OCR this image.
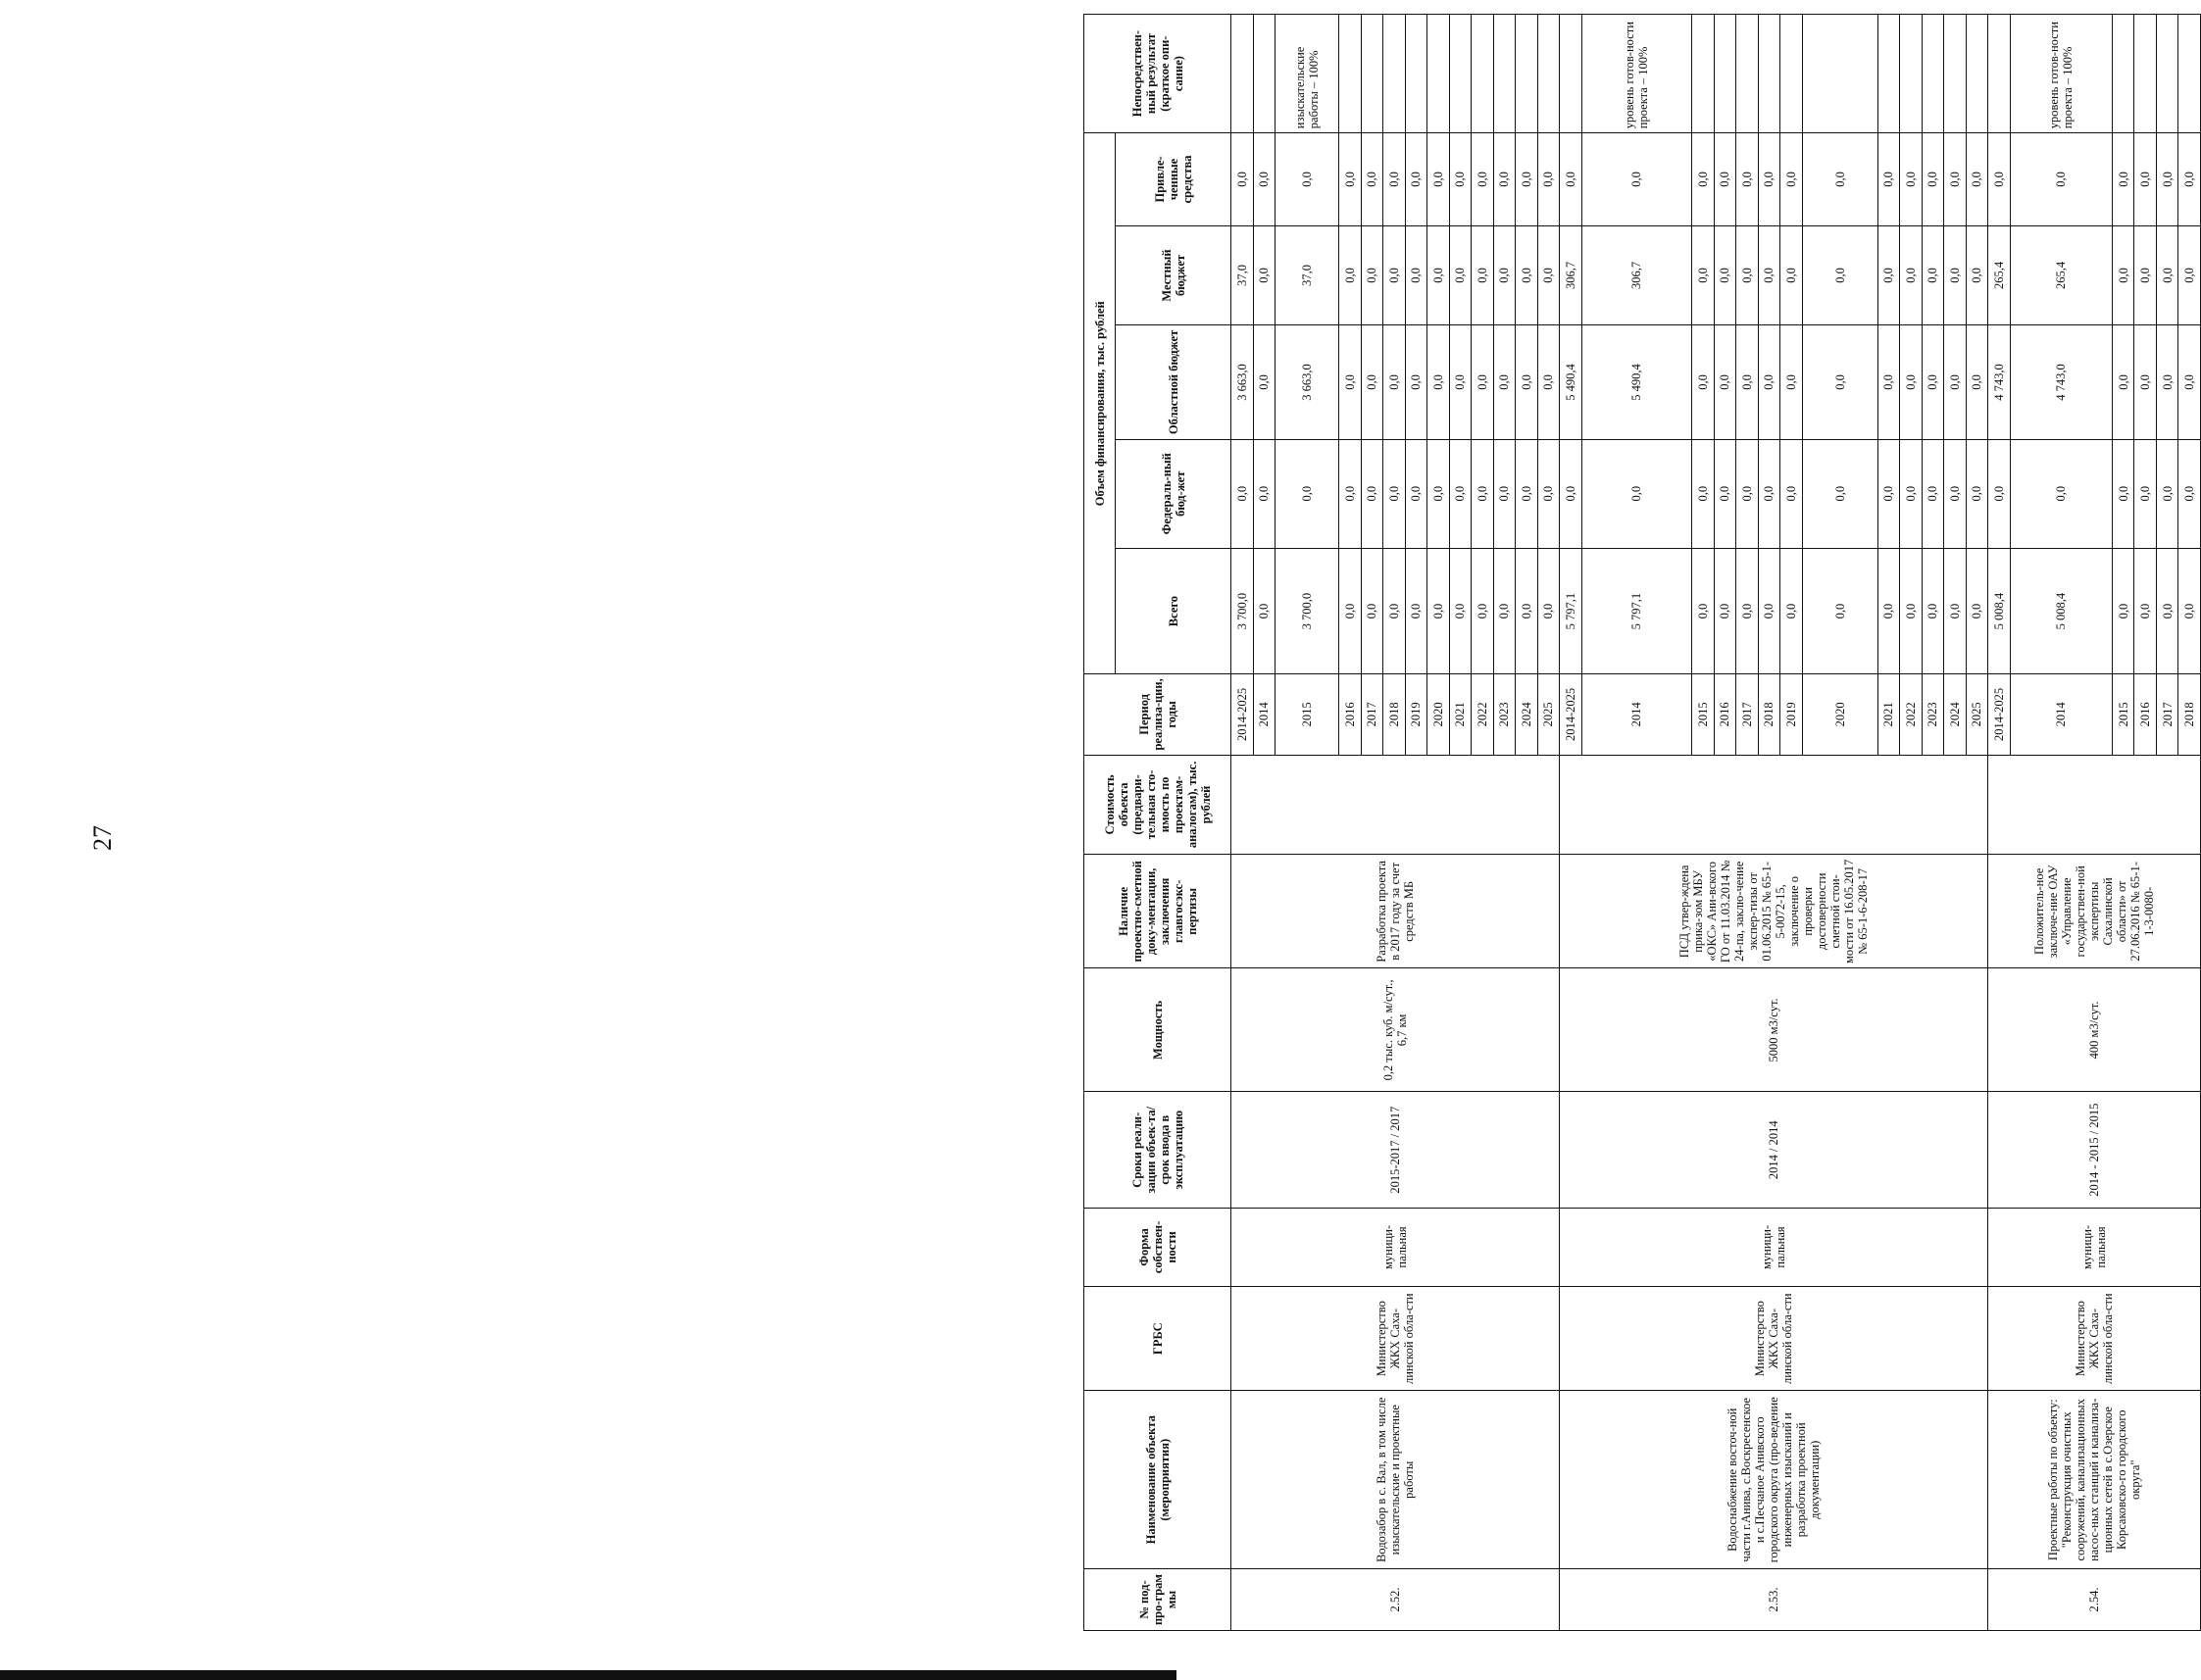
27
№ под-про-грам мы	Наименование объекта (мероприятия)	ГРБС	Форма собствен-ности	Сроки реали-зации объек-та/срок ввода в эксплуатацию	Мощность	Наличие проектно-сметной доку-ментации, заключения главгосэкс-пертизы	Стоимость объекта (предвари-тельная сто-имость по проектам-аналогам), тыс. рублей	Период реализа-ции, годы	Объем финансирования, тыс. рублей					Непосредствен-ный результат (краткое опи-сание)
									Всего	Федераль-ный бюд-жет	Областной бюджет	Местный бюджет	Привле-ченные средства	
2.52.	Водозабор в с. Вал, в том числе изыскательские и проектные работы	Министерство ЖКХ Саха-линской обла-сти	муници-пальная	2015-2017 / 2017	0,2 тыс. куб. м/сут., 6,7 км	Разработка проекта в 2017 году за счет средств МБ		2014-2025	3 700,0	0,0	3 663,0	37,0	0,0	
								2014	0,0	0,0	0,0	0,0	0,0	
								2015	3 700,0	0,0	3 663,0	37,0	0,0	изыскательские работы – 100%
								2016	0,0	0,0	0,0	0,0	0,0	
								2017	0,0	0,0	0,0	0,0	0,0	
								2018	0,0	0,0	0,0	0,0	0,0	
								2019	0,0	0,0	0,0	0,0	0,0	
								2020	0,0	0,0	0,0	0,0	0,0	
								2021	0,0	0,0	0,0	0,0	0,0	
								2022	0,0	0,0	0,0	0,0	0,0	
								2023	0,0	0,0	0,0	0,0	0,0	
								2024	0,0	0,0	0,0	0,0	0,0	
								2025	0,0	0,0	0,0	0,0	0,0	
2.53.	Водоснабжение восточ-ной части г.Анива, с.Воскресенское и с.Песчаное Анивского городского округа (про-ведение инженерных изысканий и разработка проектной документации)	Министерство ЖКХ Саха-линской обла-сти	муници-пальная	2014 / 2014	5000 м3/сут.	ПСД утвер-ждена прика-зом МБУ «ОКС» Ани-вского ГО от 11.03.2014 № 24-па, заклю-чение экспер-тизы от 01.06.2015 № 65-1-5-0072-15, заключение о проверки достоверности сметной стои-мости от 16.05.2017 № 65-1-6-208-17		2014-2025	5 797,1	0,0	5 490,4	306,7	0,0	
								2014	5 797,1	0,0	5 490,4	306,7	0,0	уровень готов-ности проекта – 100%
								2015	0,0	0,0	0,0	0,0	0,0	
								2016	0,0	0,0	0,0	0,0	0,0	
								2017	0,0	0,0	0,0	0,0	0,0	
								2018	0,0	0,0	0,0	0,0	0,0	
								2019	0,0	0,0	0,0	0,0	0,0	
								2020	0,0	0,0	0,0	0,0	0,0	
								2021	0,0	0,0	0,0	0,0	0,0	
								2022	0,0	0,0	0,0	0,0	0,0	
								2023	0,0	0,0	0,0	0,0	0,0	
								2024	0,0	0,0	0,0	0,0	0,0	
								2025	0,0	0,0	0,0	0,0	0,0	
2.54.	Проектные работы по объекту: "Реконструкция очистных сооружений, канализационных насос-ных станций и канализа-ционных сетей в с.Озерское Корсаковско-го городского округа"	Министерство ЖКХ Саха-линской обла-сти	муници-пальная	2014 - 2015 / 2015	400 м3/сут.	Положитель-ное заключе-ние ОАУ «Управление государствен-ной экспертизы Сахалинской области» от 27.06.2016 № 65-1-1-3-0080-		2014-2025	5 008,4	0,0	4 743,0	265,4	0,0	
								2014	5 008,4	0,0	4 743,0	265,4	0,0	уровень готов-ности проекта – 100%
								2015	0,0	0,0	0,0	0,0	0,0	
								2016	0,0	0,0	0,0	0,0	0,0	
								2017	0,0	0,0	0,0	0,0	0,0	
								2018	0,0	0,0	0,0	0,0	0,0	
